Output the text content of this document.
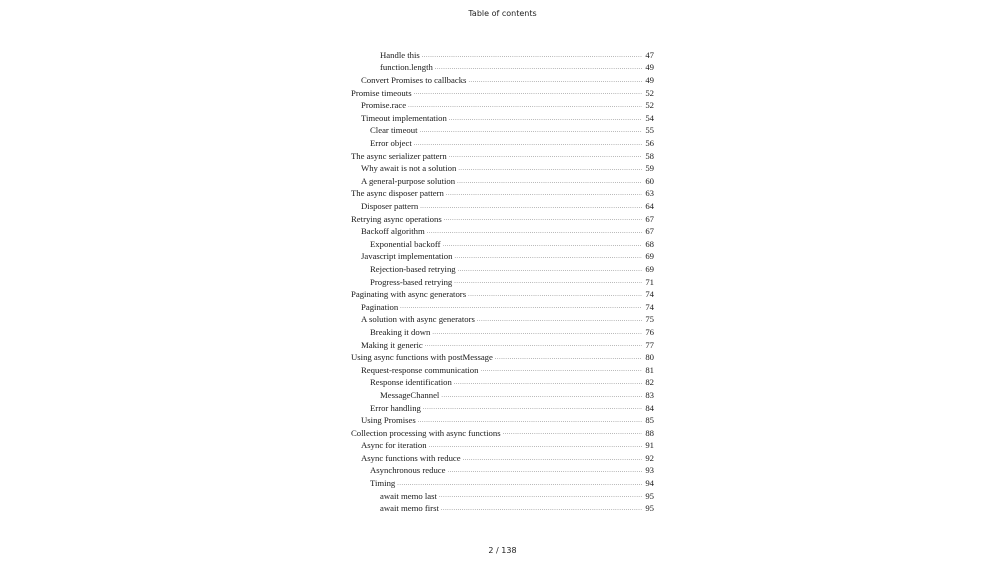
Table of contents
Handle this .....	47
function.length .....	49
Convert Promises to callbacks .....	49
Promise timeouts .....	52
Promise.race .....	52
Timeout implementation .....	54
Clear timeout .....	55
Error object .....	56
The async serializer pattern .....	58
Why await is not a solution .....	59
A general-purpose solution .....	60
The async disposer pattern .....	63
Disposer pattern .....	64
Retrying async operations .....	67
Backoff algorithm .....	67
Exponential backoff .....	68
Javascript implementation .....	69
Rejection-based retrying .....	69
Progress-based retrying .....	71
Paginating with async generators .....	74
Pagination .....	74
A solution with async generators .....	75
Breaking it down .....	76
Making it generic .....	77
Using async functions with postMessage .....	80
Request-response communication .....	81
Response identification .....	82
MessageChannel .....	83
Error handling .....	84
Using Promises .....	85
Collection processing with async functions .....	88
Async for iteration .....	91
Async functions with reduce .....	92
Asynchronous reduce .....	93
Timing .....	94
await memo last .....	95
await memo first .....	95
2 / 138
